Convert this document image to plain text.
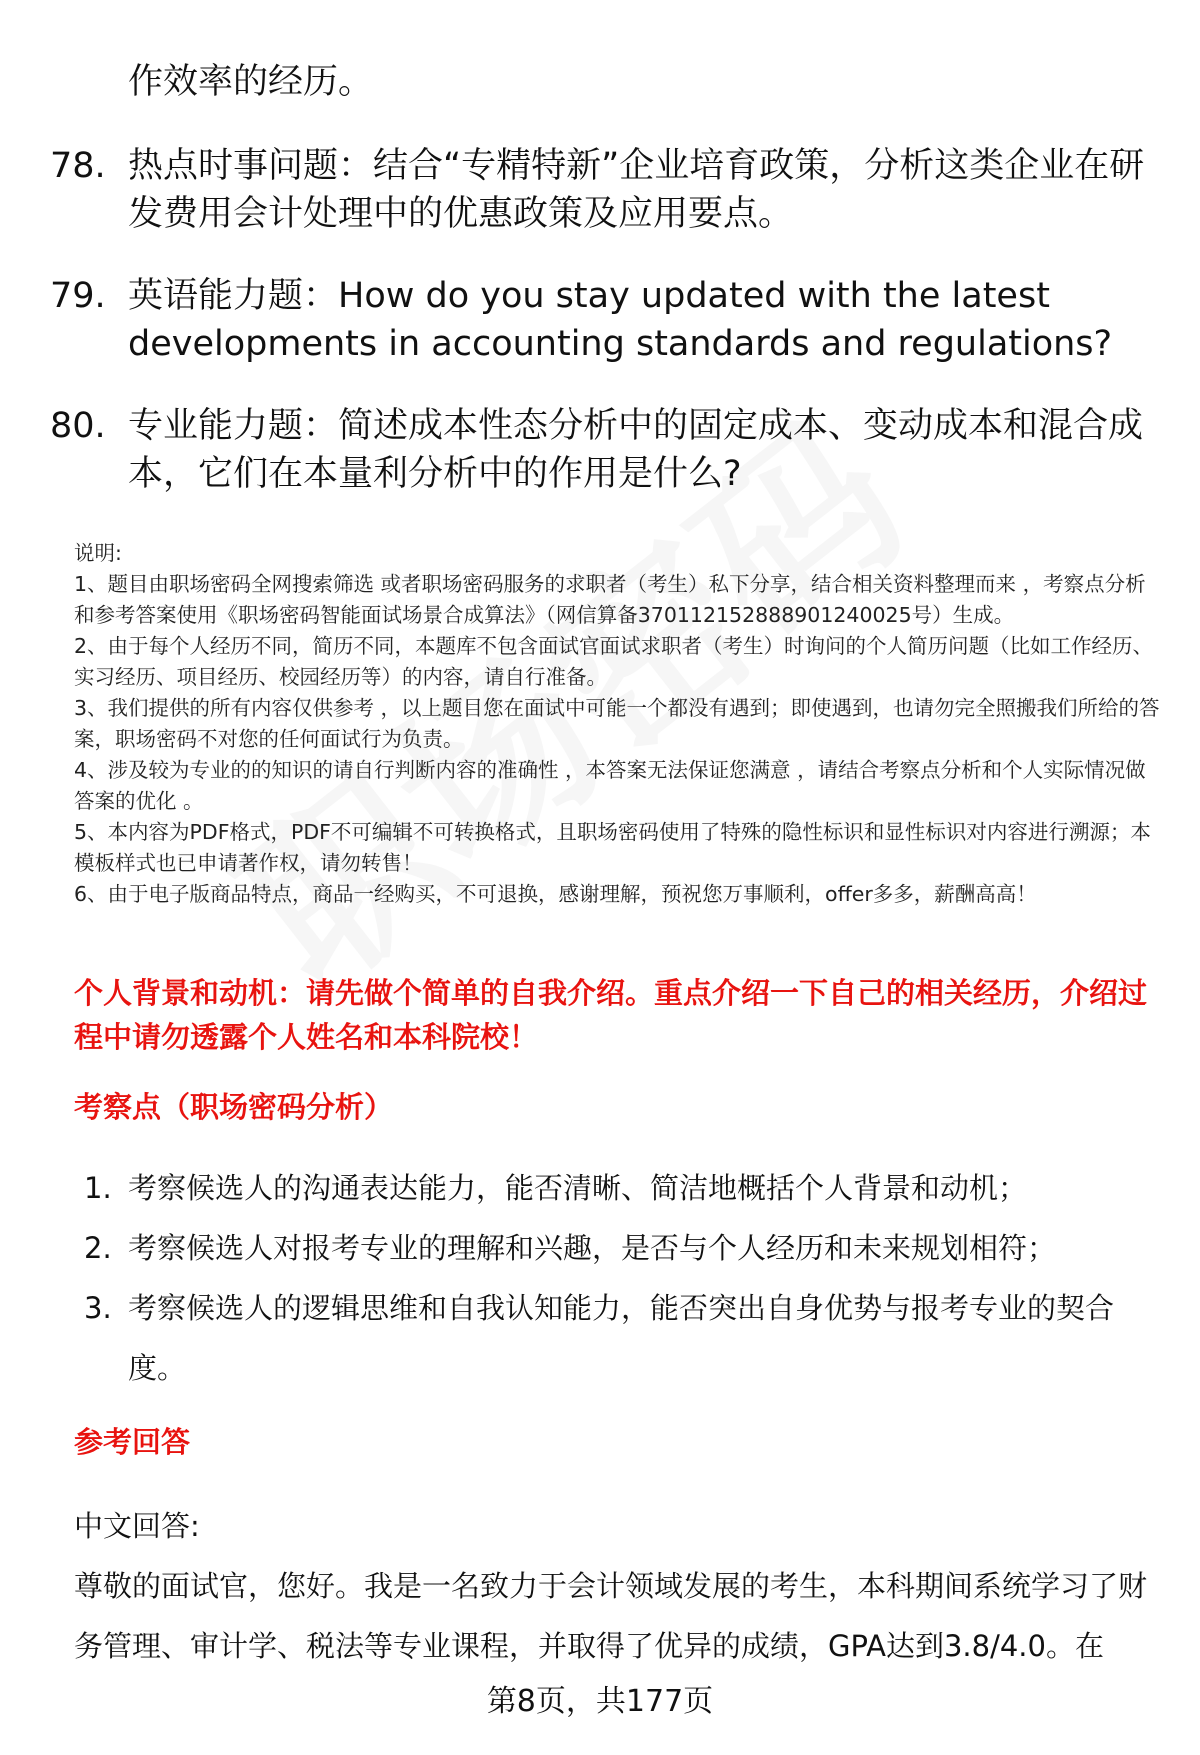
作效率的经历。
78. 热点时事问题：结合“专精特新”企业培育政策，分析这类企业在研发费用会计处理中的优惠政策及应用要点。
79. 英语能力题：How do you stay updated with the latest developments in accounting standards and regulations?
80. 专业能力题：简述成本性态分析中的固定成本、变动成本和混合成本，它们在本量利分析中的作用是什么?
说明:
1、题目由职场密码全网搜索筛选 或者职场密码服务的求职者（考生）私下分享，结合相关资料整理而来 ，考察点分析和参考答案使用《职场密码智能面试场景合成算法》（网信算备370112152888901240025号）生成。
2、由于每个人经历不同，简历不同，本题库不包含面试官面试求职者（考生）时询问的个人简历问题（比如工作经历、实习经历、项目经历、校园经历等）的内容，请自行准备。
3、我们提供的所有内容仅供参考 ，以上题目您在面试中可能一个都没有遇到；即使遇到，也请勿完全照搬我们所给的答案，职场密码不对您的任何面试行为负责。
4、涉及较为专业的的知识的请自行判断内容的准确性 ，本答案无法保证您满意 ，请结合考察点分析和个人实际情况做答案的优化 。
5、本内容为PDF格式，PDF不可编辑不可转换格式，且职场密码使用了特殊的隐性标识和显性标识对内容进行溯源；本模板样式也已申请著作权，请勿转售！
6、由于电子版商品特点，商品一经购买，不可退换，感谢理解，预祝您万事顺利，offer多多，薪酬高高！
个人背景和动机：请先做个简单的自我介绍。重点介绍一下自己的相关经历，介绍过程中请勿透露个人姓名和本科院校！
考察点（职场密码分析）
1. 考察候选人的沟通表达能力，能否清晰、简洁地概括个人背景和动机；
2. 考察候选人对报考专业的理解和兴趣，是否与个人经历和未来规划相符；
3. 考察候选人的逻辑思维和自我认知能力，能否突出自身优势与报考专业的契合度。
参考回答
中文回答:
尊敬的面试官，您好。我是一名致力于会计领域发展的考生，本科期间系统学习了财务管理、审计学、税法等专业课程，并取得了优异的成绩，GPA达到3.8/4.0。在
第8页，共177页
